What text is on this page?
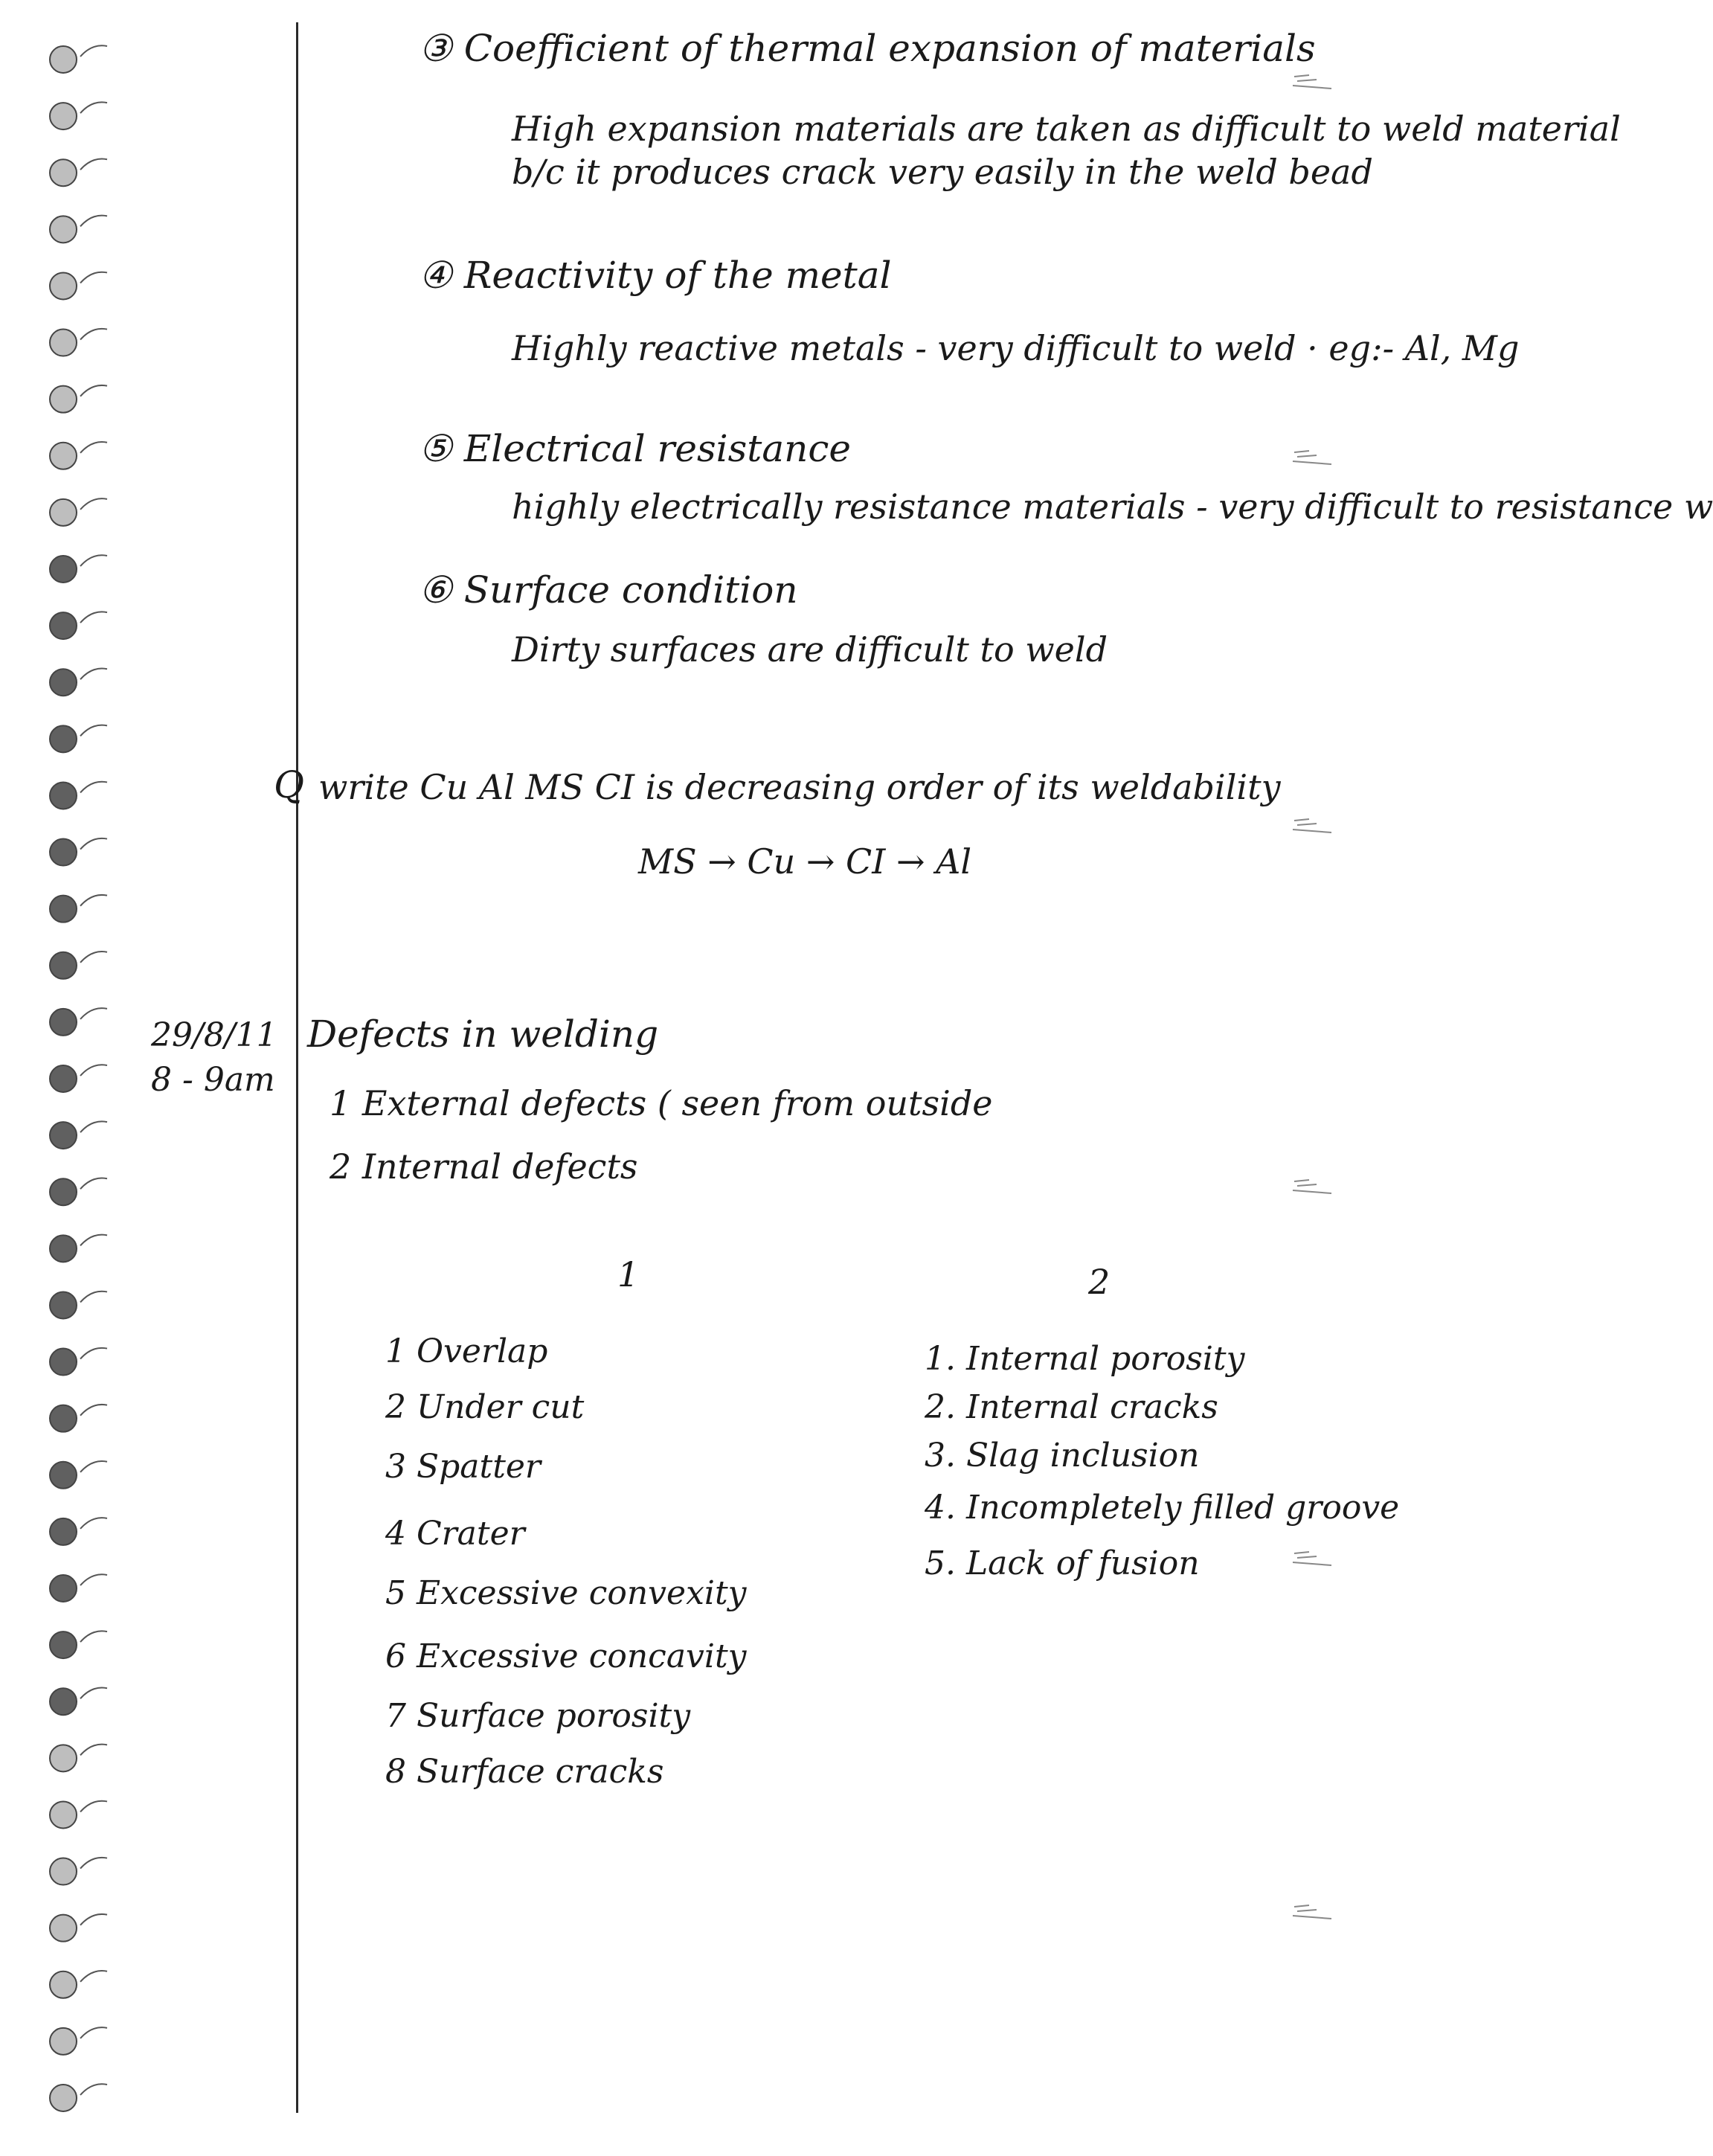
③ Coefficient of thermal expansion of materials
High expansion materials are taken as difficult to weld material
b/c it produces crack very easily in the weld bead
④ Reactivity of the metal
Highly reactive metals - very difficult to weld · eg:- Al, Mg
⑤ Electrical resistance
highly electrically resistance materials - very difficult to resistance w
⑥ Surface condition
Dirty surfaces are difficult to weld
Q write Cu Al MS CI is decreasing order of its weldability
MS → Cu → CI → Al
29/8/11
8 - 9am
Defects in welding
1 External defects ( seen from outside
2 Internal defects
1	2
1 Overlap
2 Under cut
3 Spatter
4 Crater
5 Excessive convexity
6 Excessive concavity
7 Surface porosity
8 Surface cracks
1. Internal porosity
2. Internal cracks
3. Slag inclusion
4. Incompletely filled groove
5. Lack of fusion
